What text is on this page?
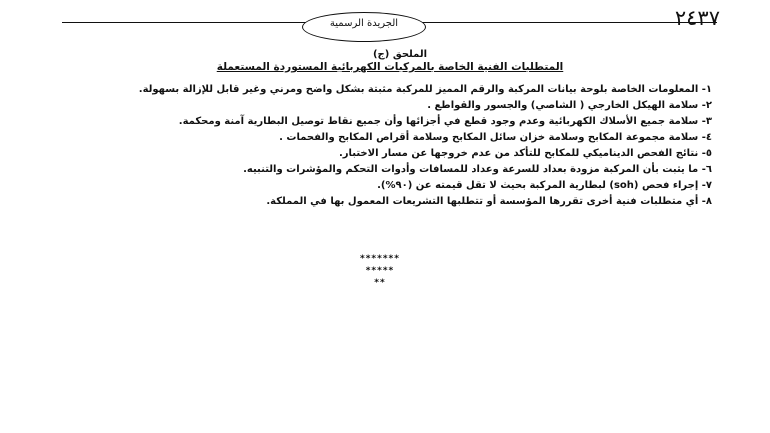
٢٤٣٧
الجريدة الرسمية
الملحق (ج)
المتطلبات الفنية الخاصة بالمركبات الكهربائية المستوردة المستعملة
١- المعلومات الخاصة بلوحة بيانات المركبة والرقم المميز للمركبة مثبتة بشكل واضح ومرني وغير قابل للإزالة بسهولة.
٢- سلامة الهيكل الخارجي ( الشاصي) والجسور والقواطع .
٣- سلامة جميع الأسلاك الكهربائية وعدم وجود قطع في أجزائها وأن جميع نقاط توصيل البطارية آمنة ومحكمة.
٤- سلامة مجموعة المكابح وسلامة خزان سائل المكابح وسلامة أقراص المكابح والفحمات .
٥- نتائج الفحص الديناميكي للمكابح للتأكد من عدم خروجها عن مسار الاختبار.
٦- ما يثبت بأن المركبة مزودة بعداد للسرعة وعداد للمسافات وأدوات التحكم والمؤشرات والتنبيه.
٧- إجراء فحص (soh) لبطارية المركبة بحيث لا تقل قيمته عن (٩٠%).
٨- أي متطلبات فنية أخرى تقررها المؤسسة أو تتطلبها التشريعات المعمول بها في المملكة.
*******
*****
**
